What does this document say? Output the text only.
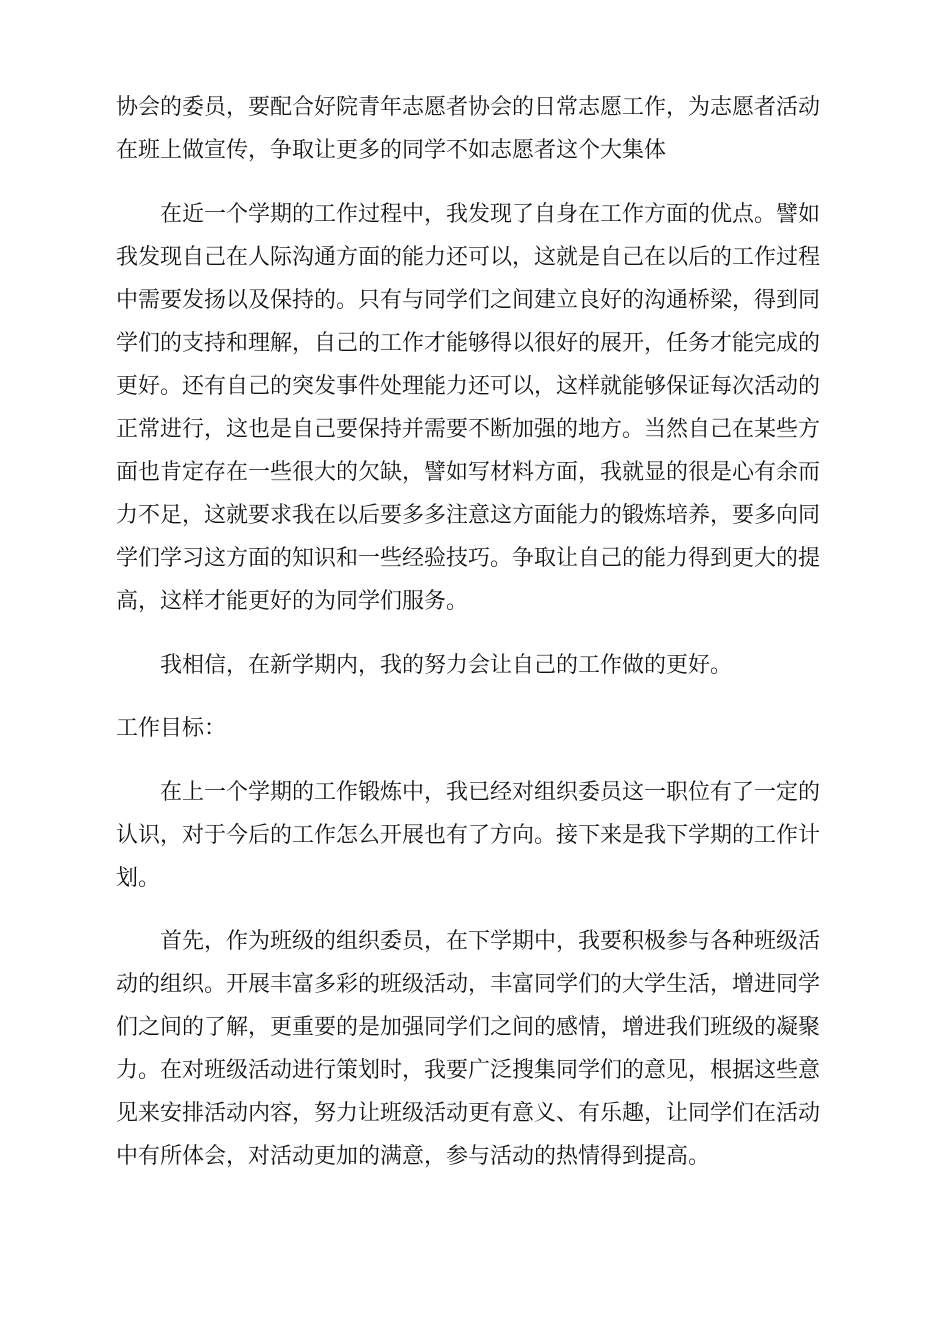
协会的委员，要配合好院青年志愿者协会的日常志愿工作，为志愿者活动
在班上做宣传，争取让更多的同学不如志愿者这个大集体
在近一个学期的工作过程中，我发现了自身在工作方面的优点。譬如
我发现自己在人际沟通方面的能力还可以，这就是自己在以后的工作过程
中需要发扬以及保持的。只有与同学们之间建立良好的沟通桥梁，得到同
学们的支持和理解，自己的工作才能够得以很好的展开，任务才能完成的
更好。还有自己的突发事件处理能力还可以，这样就能够保证每次活动的
正常进行，这也是自己要保持并需要不断加强的地方。当然自己在某些方
面也肯定存在一些很大的欠缺，譬如写材料方面，我就显的很是心有余而
力不足，这就要求我在以后要多多注意这方面能力的锻炼培养，要多向同
学们学习这方面的知识和一些经验技巧。争取让自己的能力得到更大的提
高，这样才能更好的为同学们服务。
我相信，在新学期内，我的努力会让自己的工作做的更好。
工作目标：
在上一个学期的工作锻炼中，我已经对组织委员这一职位有了一定的
认识，对于今后的工作怎么开展也有了方向。接下来是我下学期的工作计
划。
首先，作为班级的组织委员，在下学期中，我要积极参与各种班级活
动的组织。开展丰富多彩的班级活动，丰富同学们的大学生活，增进同学
们之间的了解，更重要的是加强同学们之间的感情，增进我们班级的凝聚
力。在对班级活动进行策划时，我要广泛搜集同学们的意见，根据这些意
见来安排活动内容，努力让班级活动更有意义、有乐趣，让同学们在活动
中有所体会，对活动更加的满意，参与活动的热情得到提高。
